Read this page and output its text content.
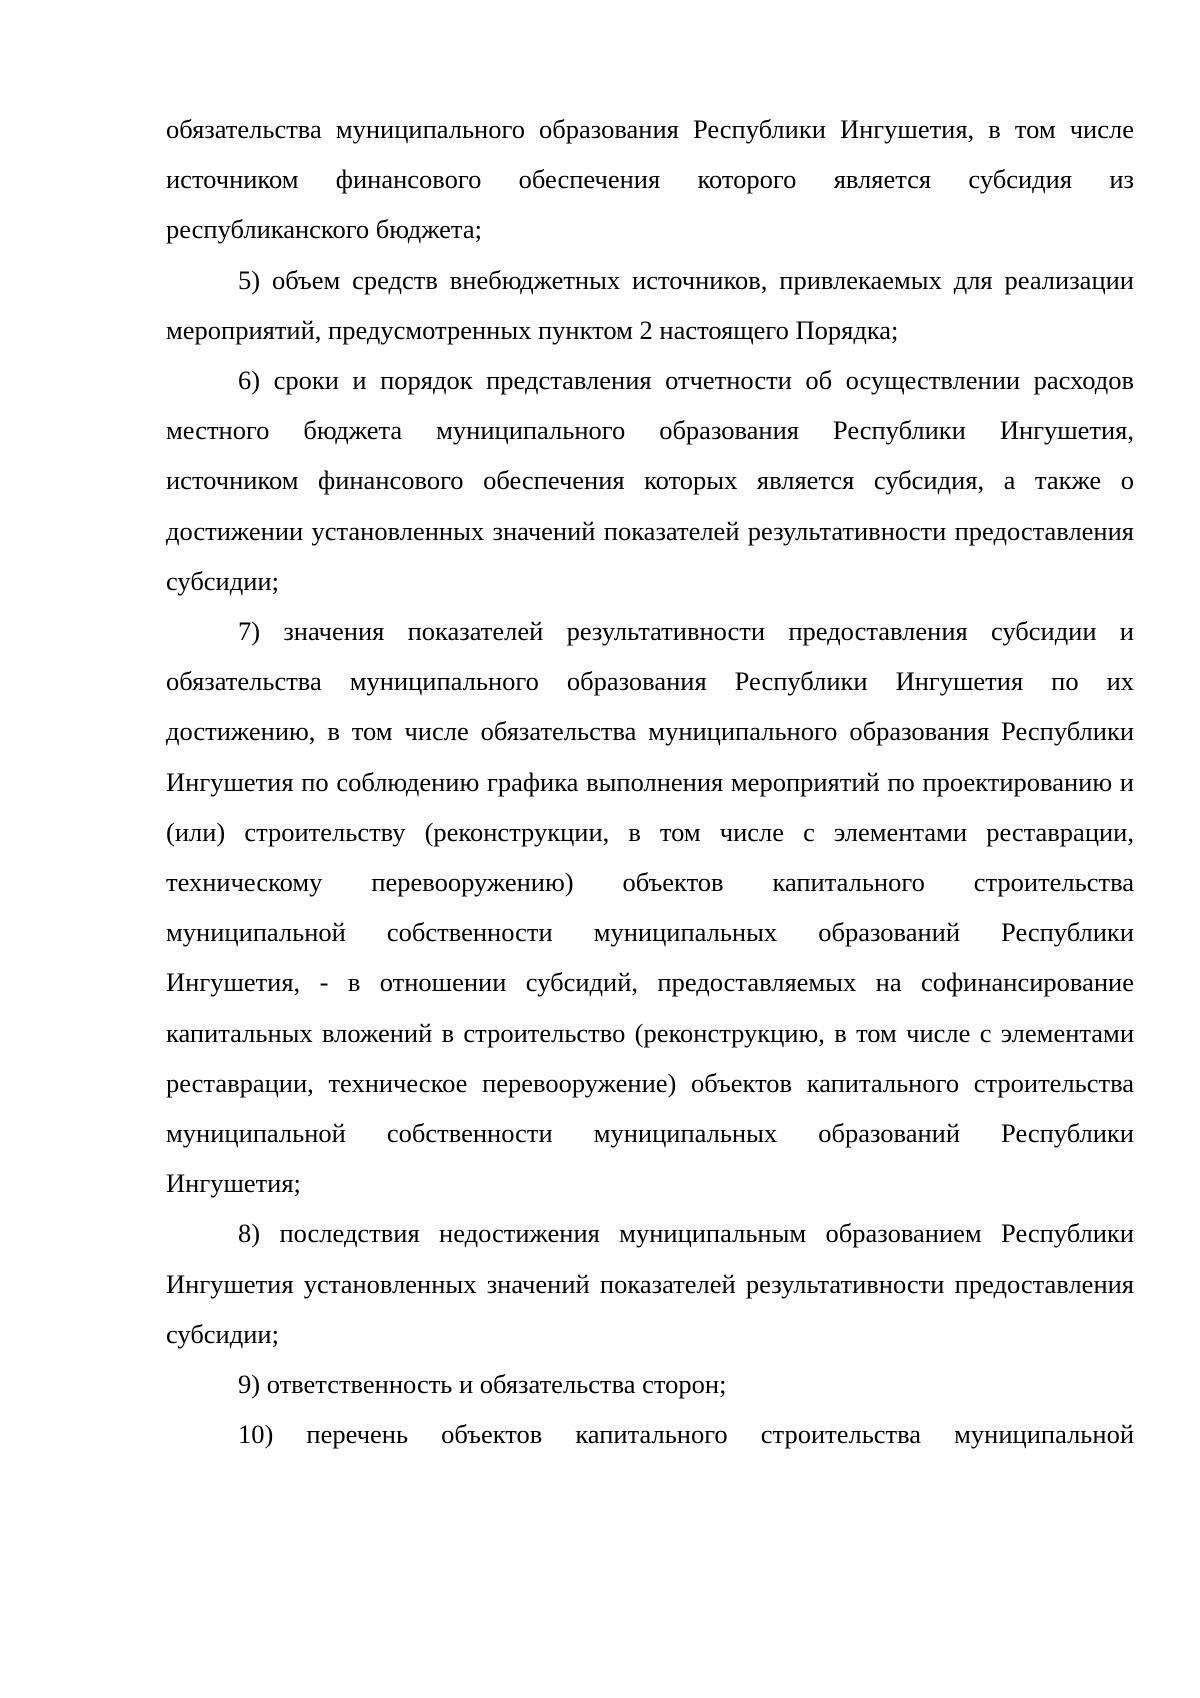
обязательства муниципального образования Республики Ингушетия, в том числе источником финансового обеспечения которого является субсидия из республиканского бюджета;

5) объем средств внебюджетных источников, привлекаемых для реализации мероприятий, предусмотренных пунктом 2 настоящего Порядка;

6) сроки и порядок представления отчетности об осуществлении расходов местного бюджета муниципального образования Республики Ингушетия, источником финансового обеспечения которых является субсидия, а также о достижении установленных значений показателей результативности предоставления субсидии;

7) значения показателей результативности предоставления субсидии и обязательства муниципального образования Республики Ингушетия по их достижению, в том числе обязательства муниципального образования Республики Ингушетия по соблюдению графика выполнения мероприятий по проектированию и (или) строительству (реконструкции, в том числе с элементами реставрации, техническому перевооружению) объектов капитального строительства муниципальной собственности муниципальных образований Республики Ингушетия, - в отношении субсидий, предоставляемых на софинансирование капитальных вложений в строительство (реконструкцию, в том числе с элементами реставрации, техническое перевооружение) объектов капитального строительства муниципальной собственности муниципальных образований Республики Ингушетия;

8) последствия недостижения муниципальным образованием Республики Ингушетия установленных значений показателей результативности предоставления субсидии;

9) ответственность и обязательства сторон;

10) перечень объектов капитального строительства муниципальной
